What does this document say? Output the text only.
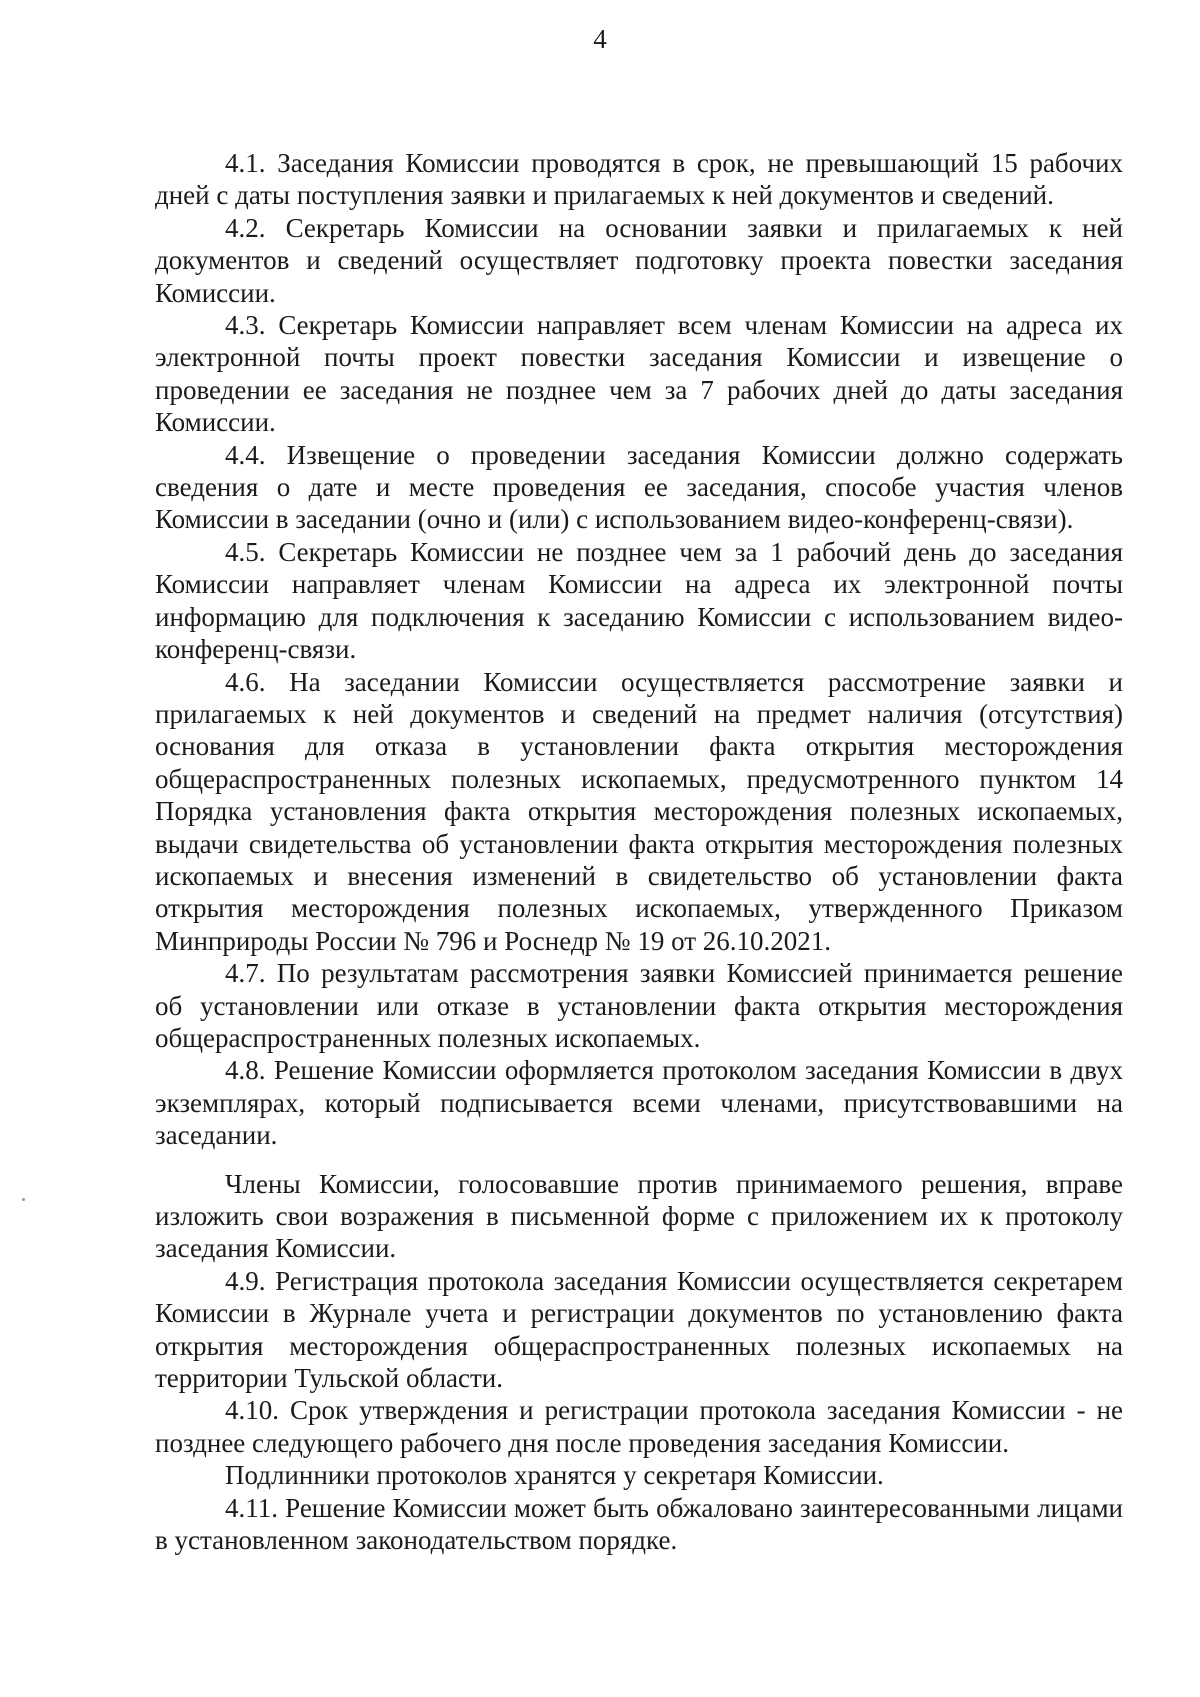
4

4.1. Заседания Комиссии проводятся в срок, не превышающий 15 рабочих дней с даты поступления заявки и прилагаемых к ней документов и сведений.

4.2. Секретарь Комиссии на основании заявки и прилагаемых к ней документов и сведений осуществляет подготовку проекта повестки заседания Комиссии.

4.3. Секретарь Комиссии направляет всем членам Комиссии на адреса их электронной почты проект повестки заседания Комиссии и извещение о проведении ее заседания не позднее чем за 7 рабочих дней до даты заседания Комиссии.

4.4. Извещение о проведении заседания Комиссии должно содержать сведения о дате и месте проведения ее заседания, способе участия членов Комиссии в заседании (очно и (или) с использованием видео-конференц-связи).

4.5. Секретарь Комиссии не позднее чем за 1 рабочий день до заседания Комиссии направляет членам Комиссии на адреса их электронной почты информацию для подключения к заседанию Комиссии с использованием видео-конференц-связи.

4.6. На заседании Комиссии осуществляется рассмотрение заявки и прилагаемых к ней документов и сведений на предмет наличия (отсутствия) основания для отказа в установлении факта открытия месторождения общераспространенных полезных ископаемых, предусмотренного пунктом 14 Порядка установления факта открытия месторождения полезных ископаемых, выдачи свидетельства об установлении факта открытия месторождения полезных ископаемых и внесения изменений в свидетельство об установлении факта открытия месторождения полезных ископаемых, утвержденного Приказом Минприроды России № 796 и Роснедр № 19 от 26.10.2021.

4.7. По результатам рассмотрения заявки Комиссией принимается решение об установлении или отказе в установлении факта открытия месторождения общераспространенных полезных ископаемых.

4.8. Решение Комиссии оформляется протоколом заседания Комиссии в двух экземплярах, который подписывается всеми членами, присутствовавшими на заседании.

Члены Комиссии, голосовавшие против принимаемого решения, вправе изложить свои возражения в письменной форме с приложением их к протоколу заседания Комиссии.

4.9. Регистрация протокола заседания Комиссии осуществляется секретарем Комиссии в Журнале учета и регистрации документов по установлению факта открытия месторождения общераспространенных полезных ископаемых на территории Тульской области.

4.10. Срок утверждения и регистрации протокола заседания Комиссии - не позднее следующего рабочего дня после проведения заседания Комиссии.

Подлинники протоколов хранятся у секретаря Комиссии.

4.11. Решение Комиссии может быть обжаловано заинтересованными лицами в установленном законодательством порядке.
